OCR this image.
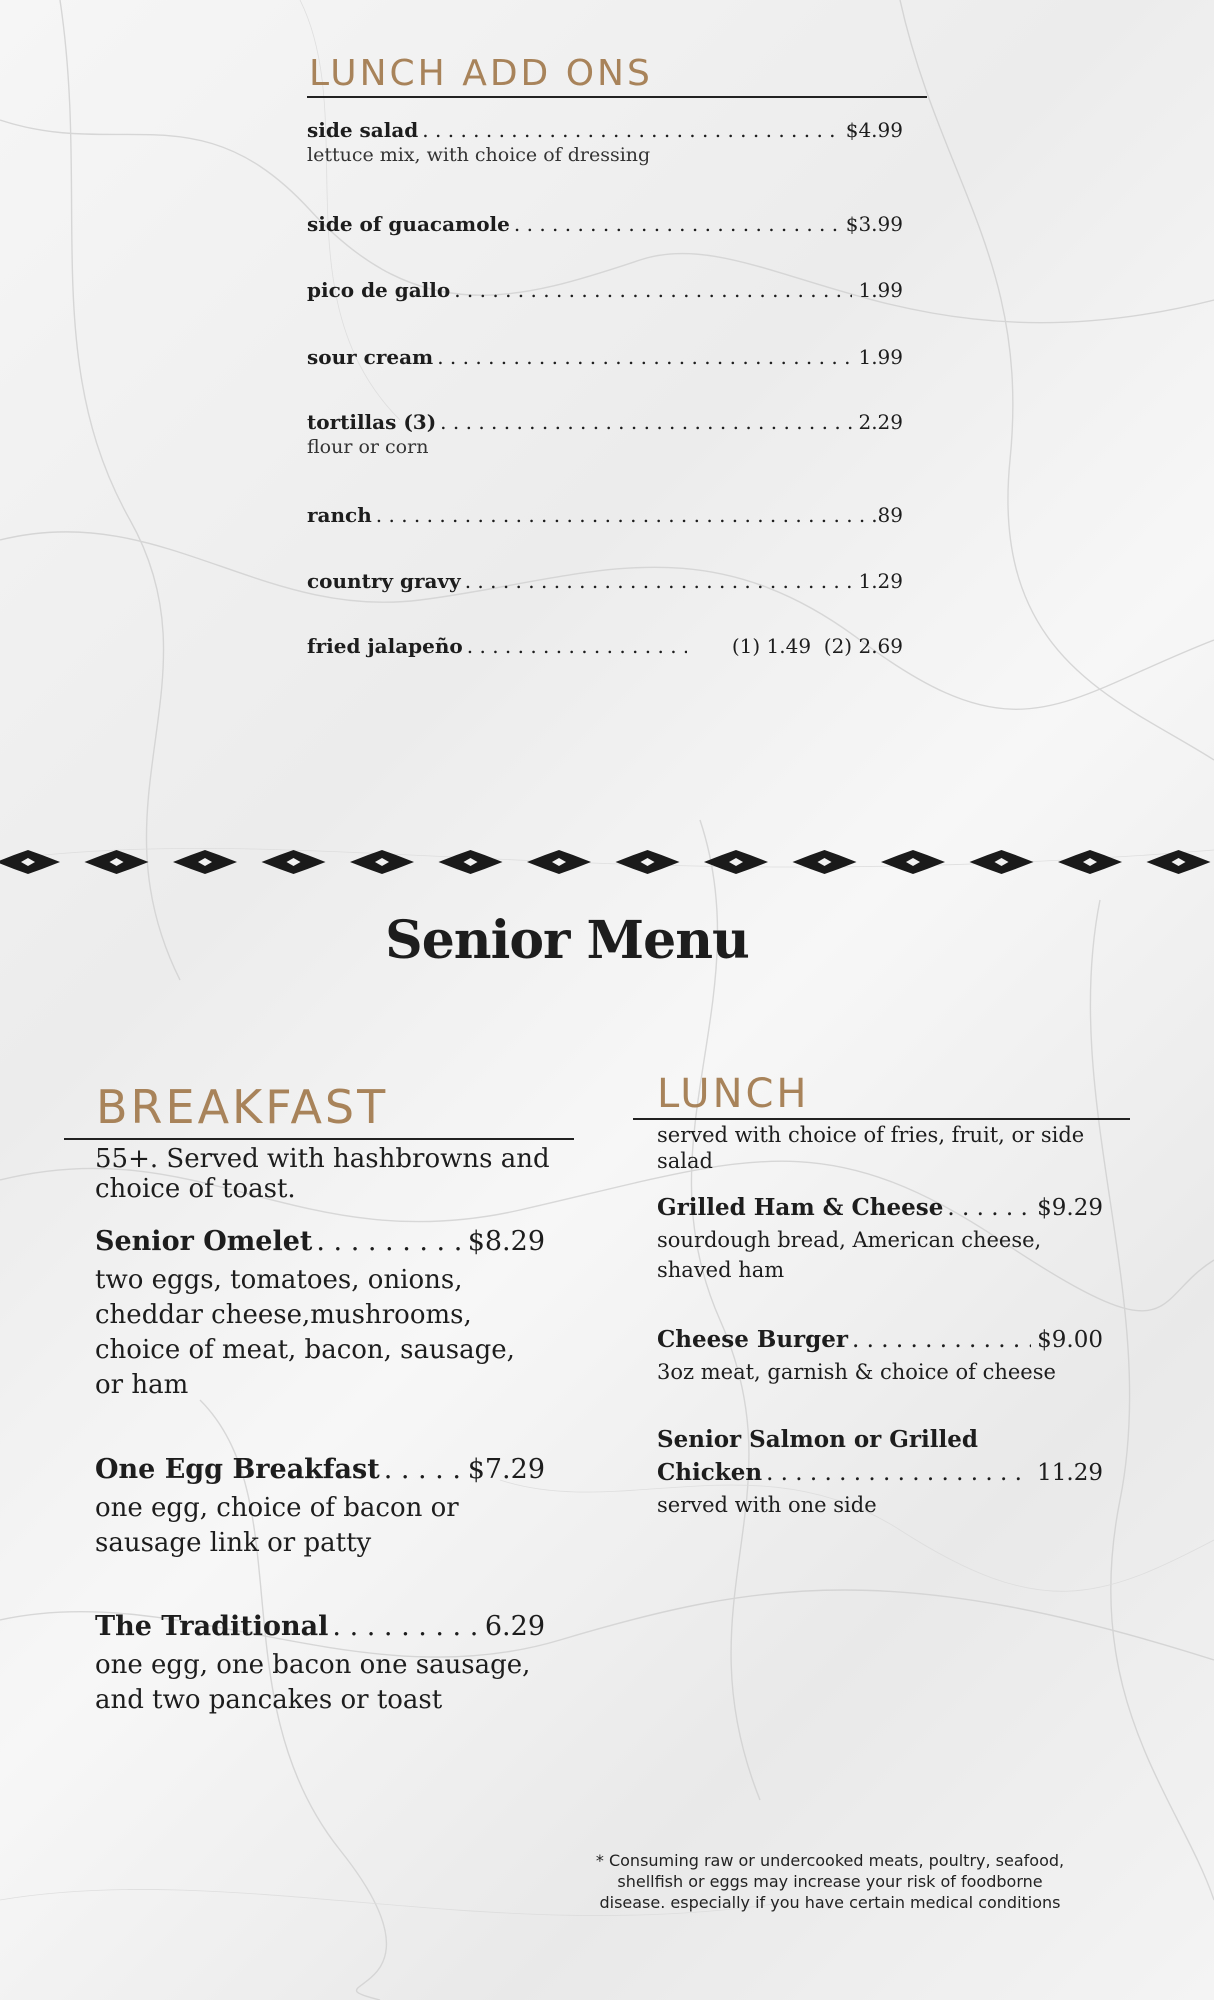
LUNCH ADD ONS
side salad . . .	$4.99
lettuce mix, with choice of dressing
side of guacamole . . .	$3.99
pico de gallo . . .	1.99
sour cream . . .	1.99
tortillas (3) . . .	2.29
flour or corn
ranch . . .	.89
country gravy . . .	1.29
fried jalapeño . . .	(1) 1.49  (2) 2.69
Senior Menu
BREAKFAST
55+. Served with hashbrowns and choice of toast.
Senior Omelet . . .	$8.29
two eggs, tomatoes, onions, cheddar cheese,mushrooms, choice of meat, bacon, sausage, or ham
One Egg Breakfast . . .	$7.29
one egg, choice of bacon or sausage link or patty
The Traditional . . .	6.29
one egg, one bacon one sausage, and two pancakes or toast
LUNCH
served with choice of fries, fruit, or side salad
Grilled Ham & Cheese . . .	$9.29
sourdough bread, American cheese, shaved ham
Cheese Burger . . .	$9.00
3oz meat, garnish & choice of cheese
Senior Salmon or Grilled
Chicken . . .	11.29
served with one side
* Consuming raw or undercooked meats, poultry, seafood, shellfish or eggs may increase your risk of foodborne disease. especially if you have certain medical conditions
